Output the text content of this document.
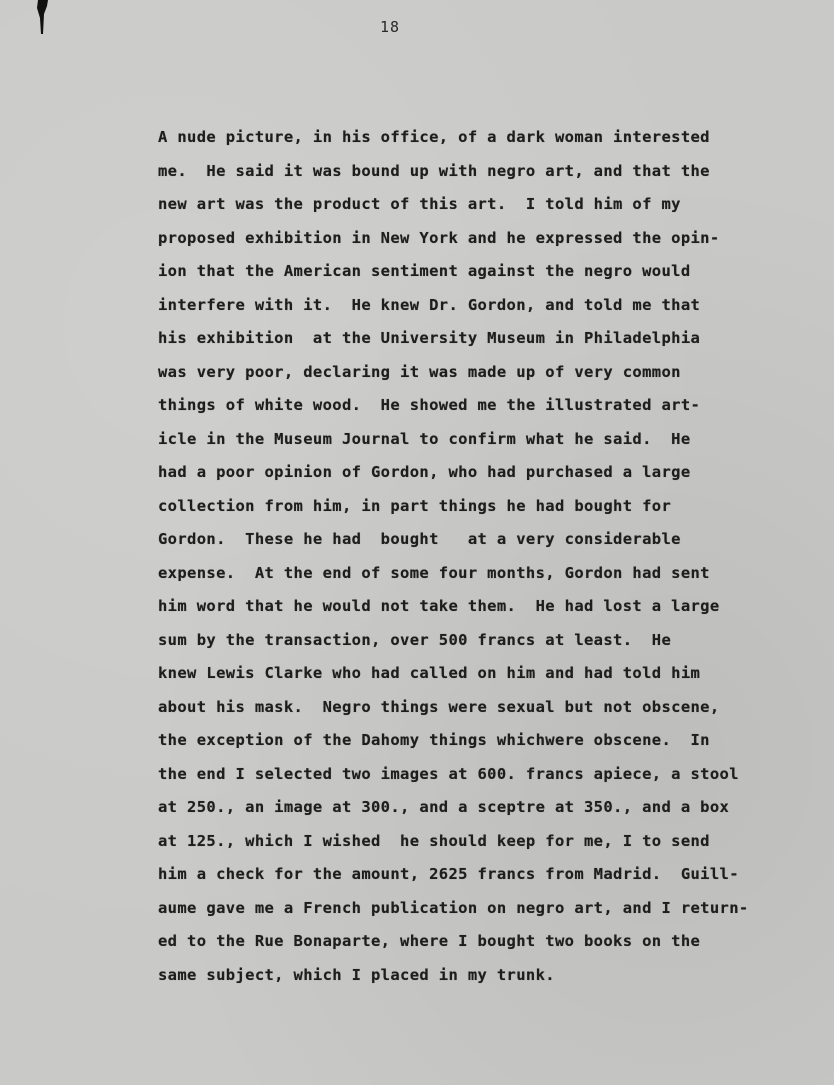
18
⠀
A nude picture, in his office, of a dark woman interested
me.  He said it was bound up with negro art, and that the
new art was the product of this art.  I told him of my
proposed exhibition in New York and he expressed the opin-
ion that the American sentiment against the negro would
interfere with it.  He knew Dr. Gordon, and told me that
his exhibition  at the University Museum in Philadelphia
was very poor, declaring it was made up of very common
things of white wood.  He showed me the illustrated art-
icle in the Museum Journal to confirm what he said.  He
had a poor opinion of Gordon, who had purchased a large
collection from him, in part things he had bought for
Gordon.  These he had  bought   at a very considerable
expense.  At the end of some four months, Gordon had sent
him word that he would not take them.  He had lost a large
sum by the transaction, over 500 francs at least.  He
knew Lewis Clarke who had called on him and had told him
about his mask.  Negro things were sexual but not obscene,
the exception of the Dahomy things whichwere obscene.  In
the end I selected two images at 600. francs apiece, a stool
at 250., an image at 300., and a sceptre at 350., and a box
at 125., which I wished  he should keep for me, I to send
him a check for the amount, 2625 francs from Madrid.  Guill-
aume gave me a French publication on negro art, and I return-
ed to the Rue Bonaparte, where I bought two books on the
same subject, which I placed in my trunk.
